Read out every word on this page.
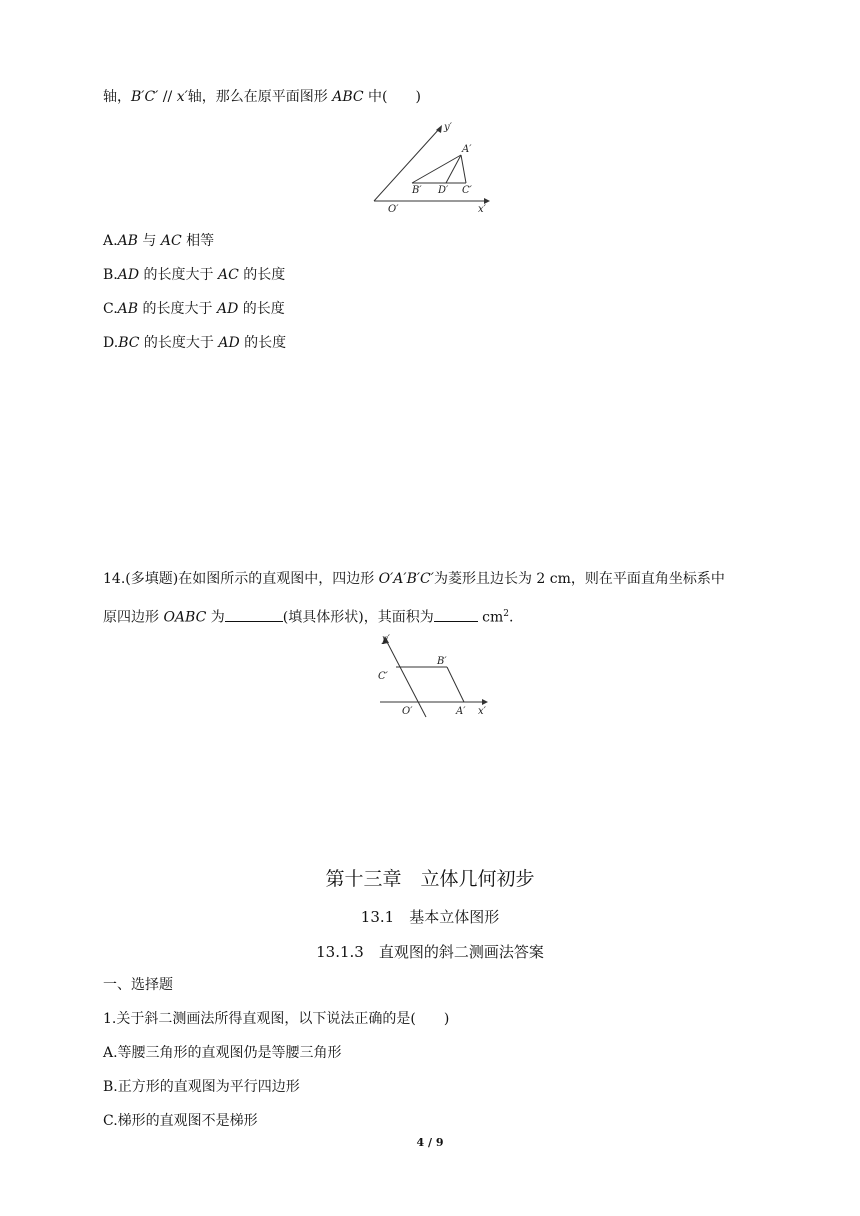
轴，B′C′ // x′轴，那么在原平面图形 ABC 中(　　)
y′
A′
B′ D′ C′
O′	x′
A.AB 与 AC 相等
B.AD 的长度大于 AC 的长度
C.AB 的长度大于 AD 的长度
D.BC 的长度大于 AD 的长度
14.(多填题)在如图所示的直观图中，四边形 O′A′B′C′为菱形且边长为 2 cm，则在平面直角坐标系中
原四边形 OABC 为	(填具体形状)，其面积为	$cm^2$.
y′
B′
C′
O′	A′ x′
第十三章　立体几何初步
13.1　基本立体图形
13.1.3　直观图的斜二测画法答案
一、选择题
1.关于斜二测画法所得直观图，以下说法正确的是(　　)
A.等腰三角形的直观图仍是等腰三角形
B.正方形的直观图为平行四边形
C.梯形的直观图不是梯形
4 / 9
